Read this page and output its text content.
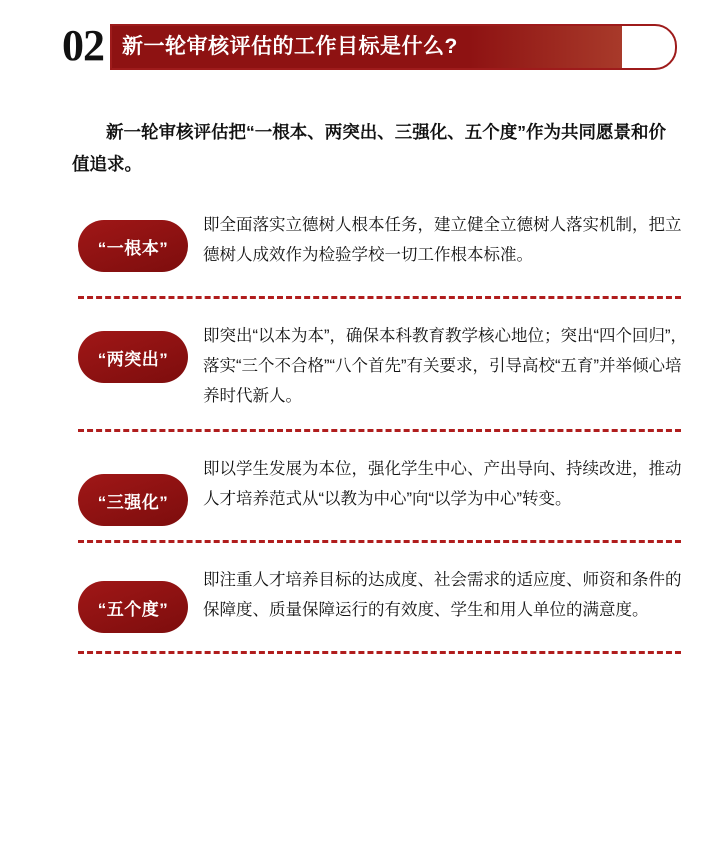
02 新一轮审核评估的工作目标是什么?
新一轮审核评估把“一根本、两突出、三强化、五个度”作为共同愿景和价值追求。
“一根本”
即全面落实立德树人根本任务，建立健全立德树人落实机制，把立德树人成效作为检验学校一切工作根本标准。
“两突出”
即突出“以本为本”，确保本科教育教学核心地位；突出“四个回归”，落实“三个不合格”“八个首先”有关要求，引导高校“五育”并举倾心培养时代新人。
“三强化”
即以学生发展为本位，强化学生中心、产出导向、持续改进，推动人才培养范式从“以教为中心”向“以学为中心”转变。
“五个度”
即注重人才培养目标的达成度、社会需求的适应度、师资和条件的保障度、质量保障运行的有效度、学生和用人单位的满意度。
